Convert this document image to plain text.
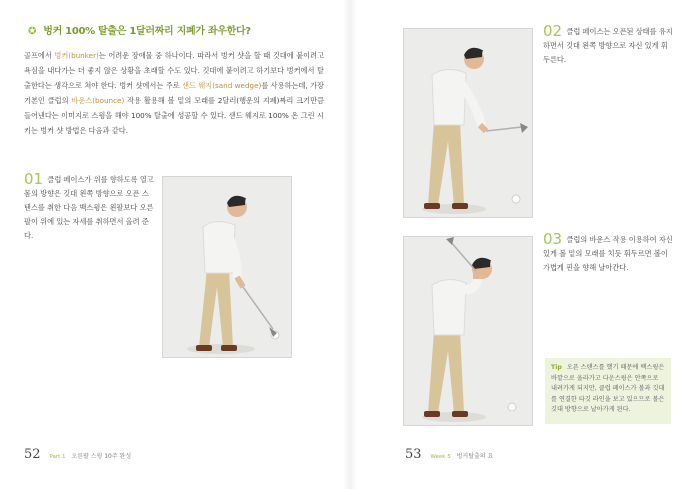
✪ 벙커 100% 탈출은 1달러짜리 지폐가 좌우한다?
골프에서 벙커(bunker)는 어려운 장애물 중 하나이다. 따라서 벙커 샷을 할 때 깃대에 붙이려고 욕심을 내다가는 더 좋지 않은 상황을 초래할 수도 있다. 깃대에 붙이려고 하기보다 벙커에서 탈출한다는 생각으로 쳐야 한다. 벙커 샷에서는 주로 샌드 웨지(sand wedge)를 사용하는데, 가장 기본인 클럽의 바운스(bounce) 작용 활용해 볼 밑의 모래를 2달러(행운의 지폐)짜리 크기만큼 들어낸다는 이미지로 스윙을 해야 100% 탈출에 성공할 수 있다. 샌드 웨지로 100% 온 그린 시키는 벙커 샷 방법은 다음과 같다.
01 클럽 페이스가 위를 향하도록 열고 몸의 방향은 깃대 왼쪽 방향으로 오픈 스탠스를 취한 다음 백스윙은 왼팔보다 오른팔이 위에 있는 자세를 취하면서 올려 준다.
52 Part 1 오른팔 스윙 10주 완성	53 Week 5 벙커탈출의 요
02 클럽 페이스는 오픈된 상태를 유지하면서 깃대 왼쪽 방향으로 자신 있게 휘두른다.
03 클럽의 바운스 작용 이용하여 자신 있게 볼 밑의 모래를 치듯 휘두르면 볼이 가볍게 핀을 향해 날아간다.
Tip 오픈 스탠스를 했기 때문에 백스윙은 바깥으로 올라가고 다운스윙은 안쪽으로 내려가게 되지만, 클럽 페이스가 볼과 깃대를 연결한 타깃 라인을 보고 있으므로 볼은 깃대 방향으로 날아가게 된다.
